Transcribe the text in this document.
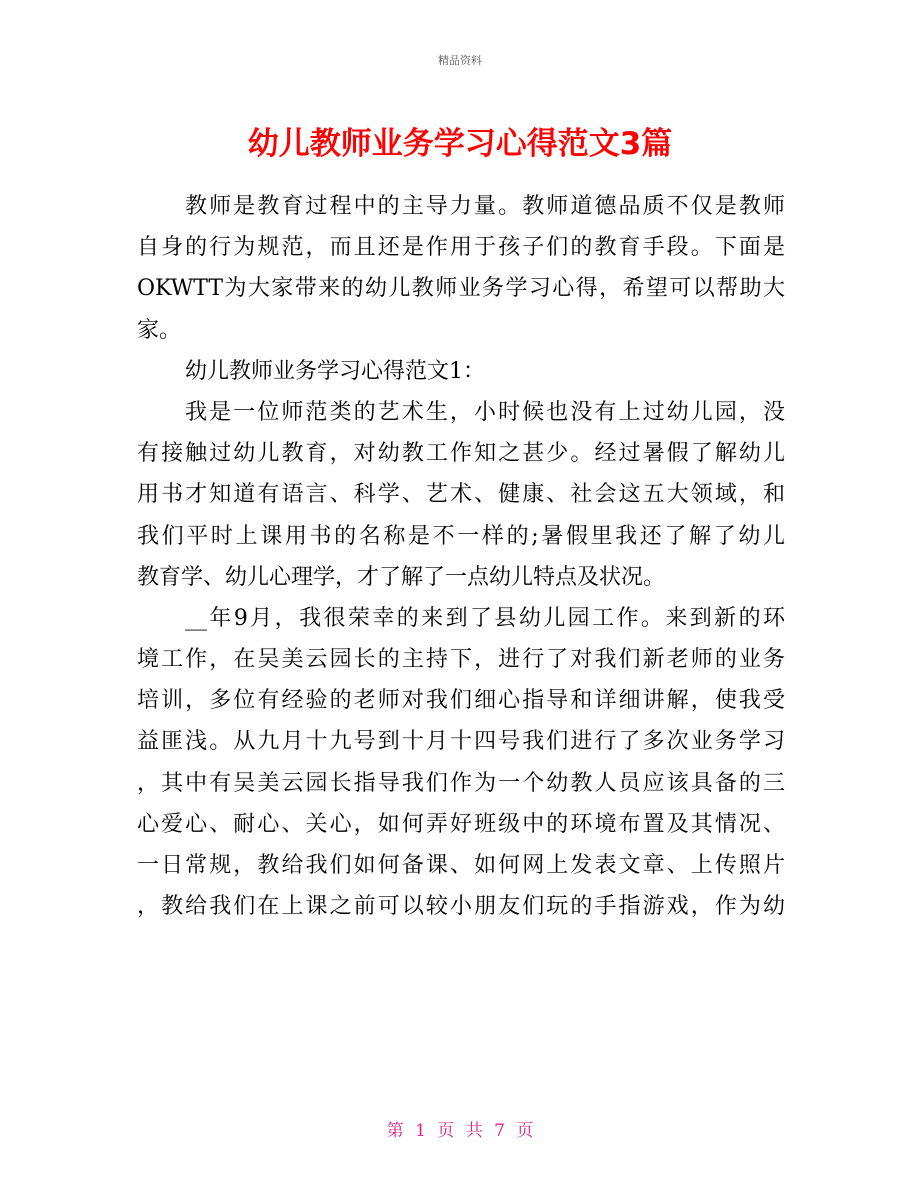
精品资料
幼儿教师业务学习心得范文3篇
教师是教育过程中的主导力量。教师道德品质不仅是教师
自身的行为规范，而且还是作用于孩子们的教育手段。下面是
OKWTT为大家带来的幼儿教师业务学习心得，希望可以帮助大
家。
幼儿教师业务学习心得范文1：
我是一位师范类的艺术生，小时候也没有上过幼儿园，没
有接触过幼儿教育，对幼教工作知之甚少。经过暑假了解幼儿
用书才知道有语言、科学、艺术、健康、社会这五大领域，和
我们平时上课用书的名称是不一样的;暑假里我还了解了幼儿
教育学、幼儿心理学，才了解了一点幼儿特点及状况。
__年9月，我很荣幸的来到了县幼儿园工作。来到新的环
境工作，在吴美云园长的主持下，进行了对我们新老师的业务
培训，多位有经验的老师对我们细心指导和详细讲解，使我受
益匪浅。从九月十九号到十月十四号我们进行了多次业务学习
，其中有吴美云园长指导我们作为一个幼教人员应该具备的三
心爱心、耐心、关心，如何弄好班级中的环境布置及其情况、
一日常规，教给我们如何备课、如何网上发表文章、上传照片
，教给我们在上课之前可以较小朋友们玩的手指游戏，作为幼
第 1 页 共 7 页
